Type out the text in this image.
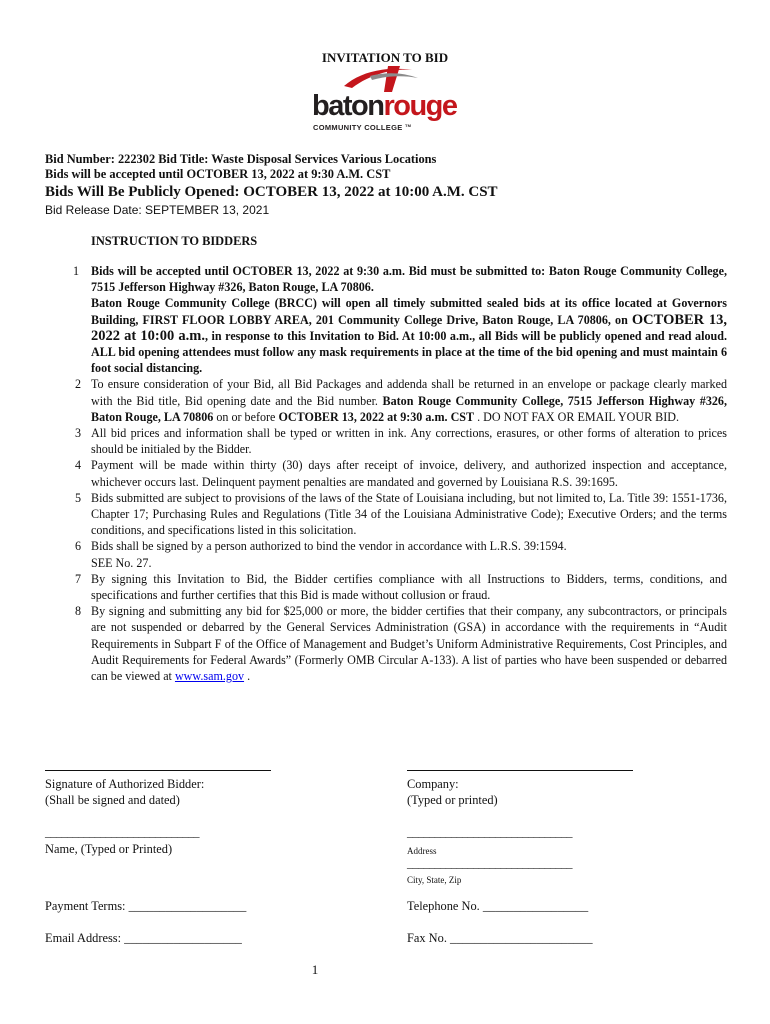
INVITATION TO BID
batonrouge
COMMUNITY COLLEGE ™
Bid Number: 222302 Bid Title: Waste Disposal Services Various Locations
Bids will be accepted until OCTOBER 13, 2022 at 9:30 A.M. CST
Bids Will Be Publicly Opened: OCTOBER 13, 2022 at 10:00 A.M. CST
Bid Release Date: SEPTEMBER 13, 2021
INSTRUCTION TO BIDDERS
1 Bids will be accepted until OCTOBER 13, 2022 at 9:30 a.m. Bid must be submitted to: Baton Rouge Community College, 7515 Jefferson Highway #326, Baton Rouge, LA 70806.
Baton Rouge Community College (BRCC) will open all timely submitted sealed bids at its office located at Governors Building, FIRST FLOOR LOBBY AREA, 201 Community College Drive, Baton Rouge, LA 70806, on OCTOBER 13, 2022 at 10:00 a.m., in response to this Invitation to Bid. At 10:00 a.m., all Bids will be publicly opened and read aloud. ALL bid opening attendees must follow any mask requirements in place at the time of the bid opening and must maintain 6 foot social distancing.
2 To ensure consideration of your Bid, all Bid Packages and addenda shall be returned in an envelope or package clearly marked with the Bid title, Bid opening date and the Bid number. Baton Rouge Community College, 7515 Jefferson Highway #326, Baton Rouge, LA 70806 on or before OCTOBER 13, 2022 at 9:30 a.m. CST . DO NOT FAX OR EMAIL YOUR BID.
3 All bid prices and information shall be typed or written in ink. Any corrections, erasures, or other forms of alteration to prices should be initialed by the Bidder.
4 Payment will be made within thirty (30) days after receipt of invoice, delivery, and authorized inspection and acceptance, whichever occurs last. Delinquent payment penalties are mandated and governed by Louisiana R.S. 39:1695.
5 Bids submitted are subject to provisions of the laws of the State of Louisiana including, but not limited to, La. Title 39: 1551-1736, Chapter 17; Purchasing Rules and Regulations (Title 34 of the Louisiana Administrative Code); Executive Orders; and the terms conditions, and specifications listed in this solicitation.
6 Bids shall be signed by a person authorized to bind the vendor in accordance with L.R.S. 39:1594.
SEE No. 27.
7 By signing this Invitation to Bid, the Bidder certifies compliance with all Instructions to Bidders, terms, conditions, and specifications and further certifies that this Bid is made without collusion or fraud.
8 By signing and submitting any bid for $25,000 or more, the bidder certifies that their company, any subcontractors, or principals are not suspended or debarred by the General Services Administration (GSA) in accordance with the requirements in “Audit Requirements in Subpart F of the Office of Management and Budget’s Uniform Administrative Requirements, Cost Principles, and Audit Requirements for Federal Awards” (Formerly OMB Circular A-133). A list of parties who have been suspended or debarred can be viewed at www.sam.gov .
Signature of Authorized Bidder:
(Shall be signed and dated)
Company:
(Typed or printed)
____________________________
Name, (Typed or Printed)
______________________________
Address
______________________________
City, State, Zip
Payment Terms: ___________________	Telephone No. _________________
Email Address: ___________________	Fax No. _______________________
1
